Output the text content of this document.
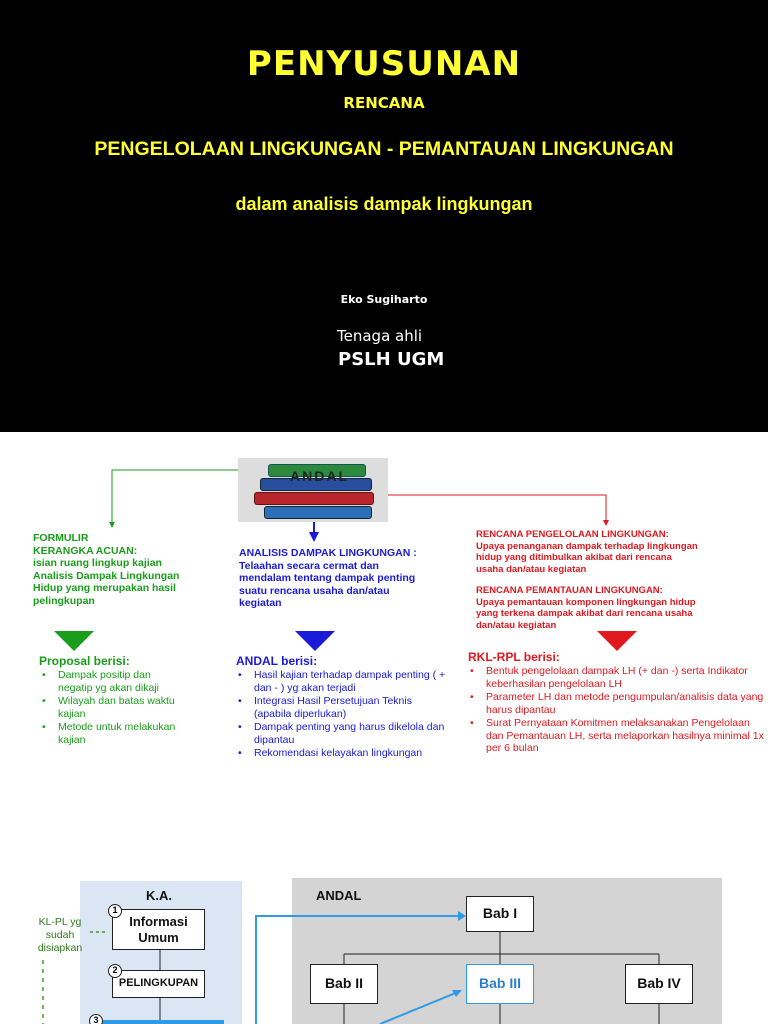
PENYUSUNAN
RENCANA
PENGELOLAAN LINGKUNGAN - PEMANTAUAN LINGKUNGAN
dalam analisis dampak lingkungan
Eko Sugiharto
Tenaga ahli
PSLH UGM
ANDAL
FORMULIR
KERANGKA ACUAN:
isian ruang lingkup kajian Analisis Dampak Lingkungan Hidup yang merupakan hasil pelingkupan
Proposal berisi:
• Dampak positip dan negatip yg akan dikaji
• Wilayah dan batas waktu kajian
• Metode untuk melakukan kajian
ANALISIS DAMPAK LINGKUNGAN :
Telaahan secara cermat dan mendalam tentang dampak penting suatu rencana usaha dan/atau kegiatan
ANDAL berisi:
• Hasil kajian terhadap dampak penting ( + dan - ) yg akan terjadi
• Integrasi Hasil Persetujuan Teknis (apabila diperlukan)
• Dampak penting yang harus dikelola dan dipantau
• Rekomendasi kelayakan lingkungan
RENCANA PENGELOLAAN LINGKUNGAN:
Upaya penanganan dampak terhadap lingkungan hidup yang ditimbulkan akibat dari rencana usaha dan/atau kegiatan
RENCANA PEMANTAUAN LINGKUNGAN:
Upaya pemantauan komponen lingkungan hidup yang terkena dampak akibat dari rencana usaha dan/atau kegiatan
RKL-RPL berisi:
• Bentuk pengelolaan dampak LH (+ dan -) serta Indikator keberhasilan pengelolaan LH
• Parameter LH dan metode pengumpulan/analisis data yang harus dipantau
• Surat Pernyataan Komitmen melaksanakan Pengelolaan dan Pemantauan LH, serta melaporkan hasilnya minimal 1x per 6 bulan
K.A.	ANDAL
KL-PL yg sudah disiapkan
Informasi Umum
1
PELINGKUPAN
2
3
Bab I
Bab II	Bab III	Bab IV
